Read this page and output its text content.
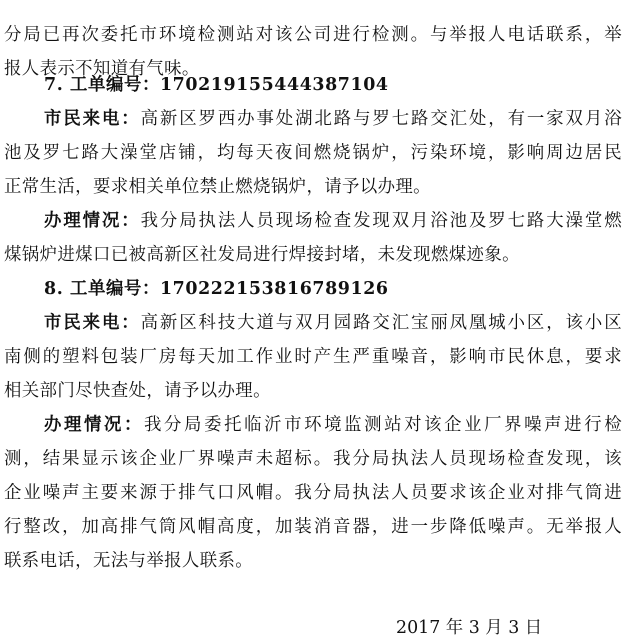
分局已再次委托市环境检测站对该公司进行检测。与举报人电话联系，举
报人表示不知道有气味。
7. 工单编号：170219155444387104
市民来电：高新区罗西办事处湖北路与罗七路交汇处，有一家双月浴
池及罗七路大澡堂店铺，均每天夜间燃烧锅炉，污染环境，影响周边居民
正常生活，要求相关单位禁止燃烧锅炉，请予以办理。
办理情况：我分局执法人员现场检查发现双月浴池及罗七路大澡堂燃
煤锅炉进煤口已被高新区社发局进行焊接封堵，未发现燃煤迹象。
8. 工单编号：170222153816789126
市民来电：高新区科技大道与双月园路交汇宝丽凤凰城小区，该小区
南侧的塑料包装厂房每天加工作业时产生严重噪音，影响市民休息，要求
相关部门尽快查处，请予以办理。
办理情况：我分局委托临沂市环境监测站对该企业厂界噪声进行检
测，结果显示该企业厂界噪声未超标。我分局执法人员现场检查发现，该
企业噪声主要来源于排气口风帽。我分局执法人员要求该企业对排气筒进
行整改，加高排气筒风帽高度，加装消音器，进一步降低噪声。无举报人
联系电话，无法与举报人联系。
2017 年 3 月 3 日
